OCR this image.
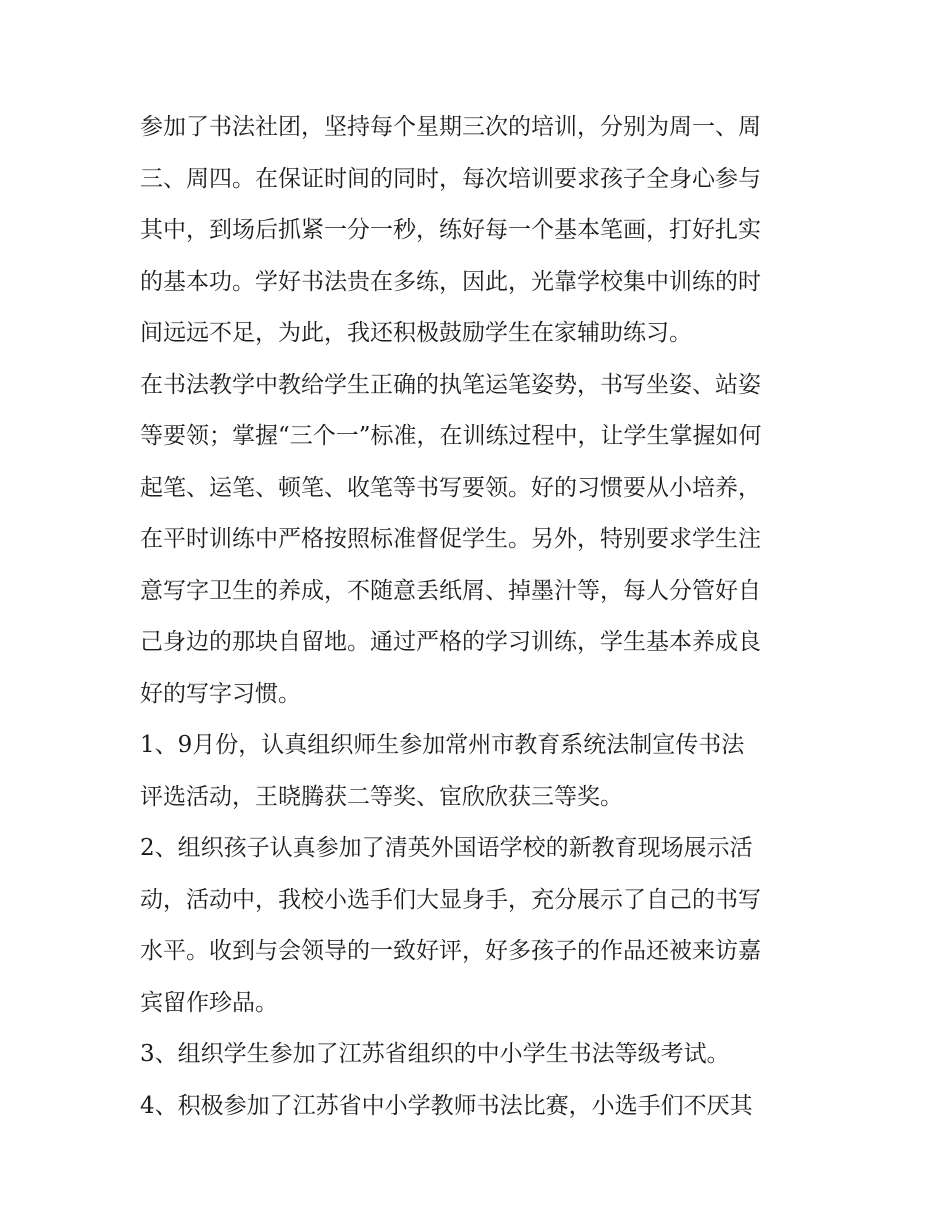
参加了书法社团，坚持每个星期三次的培训，分别为周一、周
三、周四。在保证时间的同时，每次培训要求孩子全身心参与
其中，到场后抓紧一分一秒，练好每一个基本笔画，打好扎实
的基本功。学好书法贵在多练，因此，光靠学校集中训练的时
间远远不足，为此，我还积极鼓励学生在家辅助练习。
在书法教学中教给学生正确的执笔运笔姿势，书写坐姿、站姿
等要领；掌握“三个一”标准，在训练过程中，让学生掌握如何
起笔、运笔、顿笔、收笔等书写要领。好的习惯要从小培养，
在平时训练中严格按照标准督促学生。另外，特别要求学生注
意写字卫生的养成，不随意丢纸屑、掉墨汁等，每人分管好自
己身边的那块自留地。通过严格的学习训练，学生基本养成良
好的写字习惯。
1、9月份，认真组织师生参加常州市教育系统法制宣传书法
评选活动，王晓腾获二等奖、宦欣欣获三等奖。
2、组织孩子认真参加了清英外国语学校的新教育现场展示活
动，活动中，我校小选手们大显身手，充分展示了自己的书写
水平。收到与会领导的一致好评，好多孩子的作品还被来访嘉
宾留作珍品。
3、组织学生参加了江苏省组织的中小学生书法等级考试。
4、积极参加了江苏省中小学教师书法比赛，小选手们不厌其
